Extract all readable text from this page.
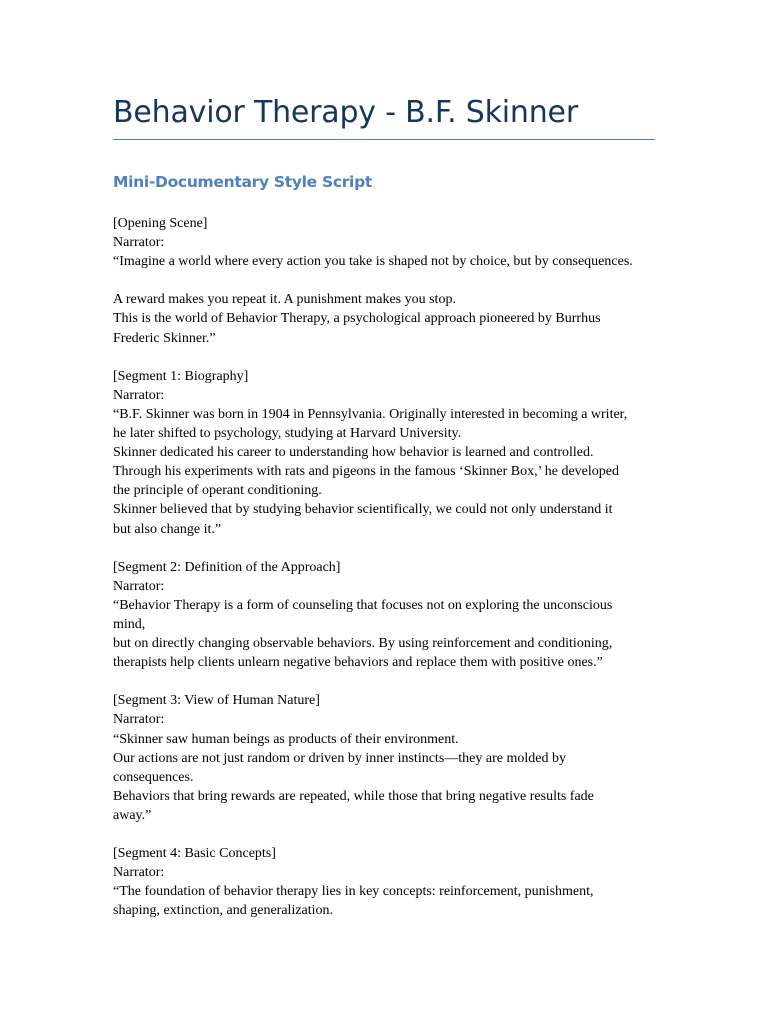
Behavior Therapy - B.F. Skinner
Mini-Documentary Style Script
[Opening Scene]
Narrator:
“Imagine a world where every action you take is shaped not by choice, but by consequences.
A reward makes you repeat it. A punishment makes you stop.
This is the world of Behavior Therapy, a psychological approach pioneered by Burrhus
Frederic Skinner.”
[Segment 1: Biography]
Narrator:
“B.F. Skinner was born in 1904 in Pennsylvania. Originally interested in becoming a writer,
he later shifted to psychology, studying at Harvard University.
Skinner dedicated his career to understanding how behavior is learned and controlled.
Through his experiments with rats and pigeons in the famous ‘Skinner Box,’ he developed
the principle of operant conditioning.
Skinner believed that by studying behavior scientifically, we could not only understand it
but also change it.”
[Segment 2: Definition of the Approach]
Narrator:
“Behavior Therapy is a form of counseling that focuses not on exploring the unconscious
mind,
but on directly changing observable behaviors. By using reinforcement and conditioning,
therapists help clients unlearn negative behaviors and replace them with positive ones.”
[Segment 3: View of Human Nature]
Narrator:
“Skinner saw human beings as products of their environment.
Our actions are not just random or driven by inner instincts—they are molded by
consequences.
Behaviors that bring rewards are repeated, while those that bring negative results fade
away.”
[Segment 4: Basic Concepts]
Narrator:
“The foundation of behavior therapy lies in key concepts: reinforcement, punishment,
shaping, extinction, and generalization.
